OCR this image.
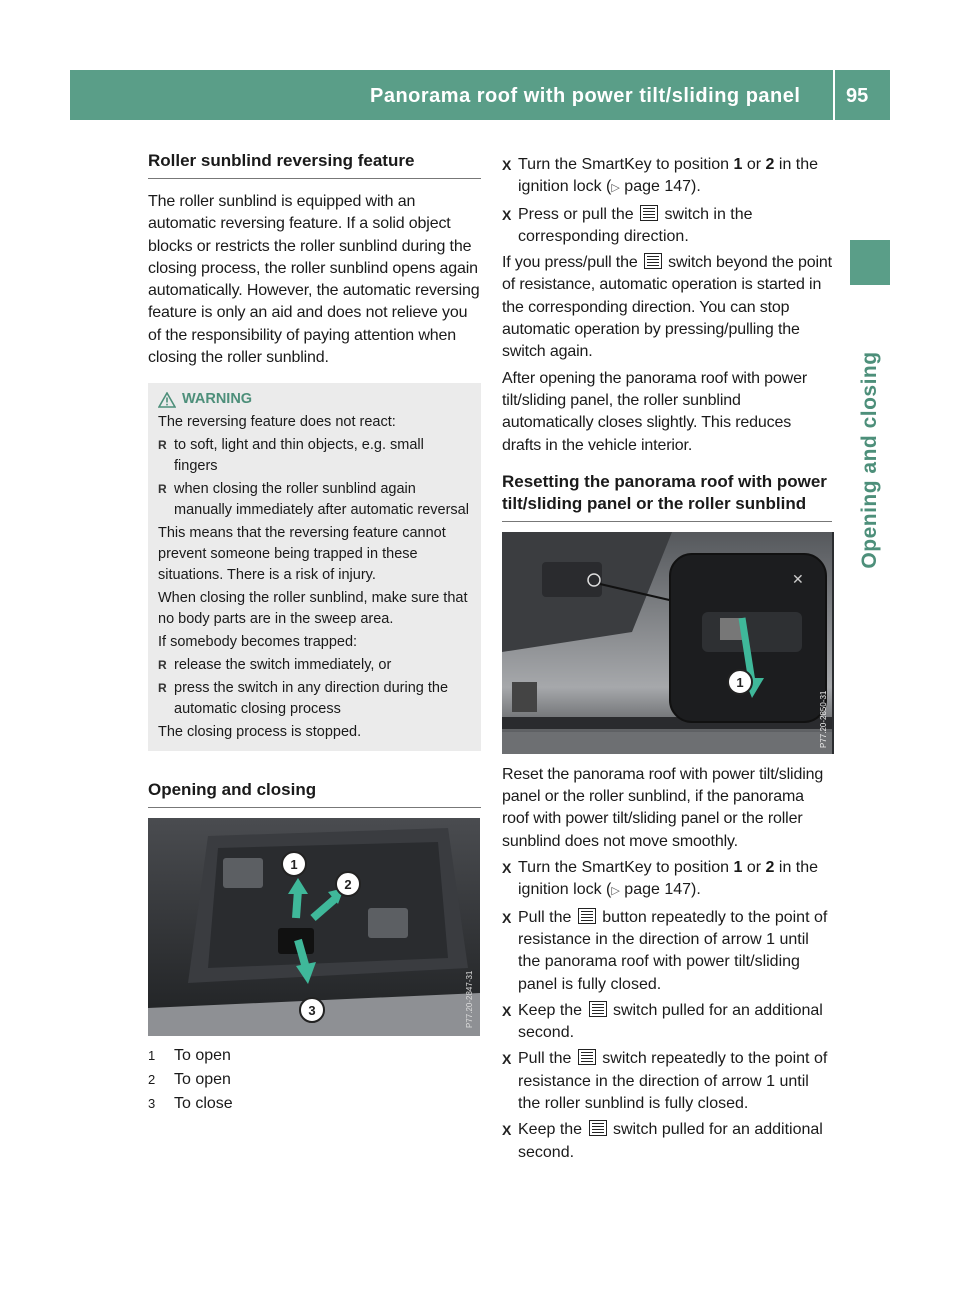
Panorama roof with power tilt/sliding panel 95
Opening and closing
Roller sunblind reversing feature

The roller sunblind is equipped with an automatic reversing feature. If a solid object blocks or restricts the roller sunblind during the closing process, the roller sunblind opens again automatically. However, the automatic reversing feature is only an aid and does not relieve you of the responsibility of paying attention when closing the roller sunblind.

WARNING

The reversing feature does not react:

R to soft, light and thin objects, e.g. small fingers
R when closing the roller sunblind again manually immediately after automatic reversal

This means that the reversing feature cannot prevent someone being trapped in these situations. There is a risk of injury.

When closing the roller sunblind, make sure that no body parts are in the sweep area.

If somebody becomes trapped:

R release the switch immediately, or
R press the switch in any direction during the automatic closing process

The closing process is stopped.

Opening and closing
1
2
3	P77.20-2847-31
1	To open
2	To open
3	To close
X Turn the SmartKey to position 1 or 2 in the ignition lock (▷ page 147).
X Press or pull the  switch in the corresponding direction.

If you press/pull the  switch beyond the point of resistance, automatic operation is started in the corresponding direction. You can stop automatic operation by pressing/pulling the switch again.

After opening the panorama roof with power tilt/sliding panel, the roller sunblind automatically closes slightly. This reduces drafts in the vehicle interior.

Resetting the panorama roof with power tilt/sliding panel or the roller sunblind
✕
1
P77.20-2850-31

Reset the panorama roof with power tilt/sliding panel or the roller sunblind, if the panorama roof with power tilt/sliding panel or the roller sunblind does not move smoothly.

X Turn the SmartKey to position 1 or 2 in the ignition lock (▷ page 147).
X Pull the  button repeatedly to the point of resistance in the direction of arrow 1 until the panorama roof with power tilt/sliding panel is fully closed.
X Keep the  switch pulled for an additional second.
X Pull the  switch repeatedly to the point of resistance in the direction of arrow 1 until the roller sunblind is fully closed.
X Keep the  switch pulled for an additional second.
